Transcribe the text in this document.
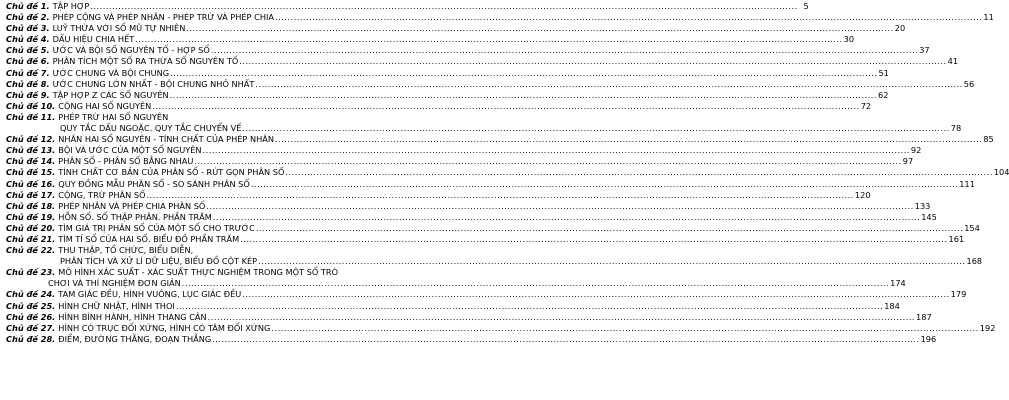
Chủ đề 1. TẬP HỢP .....	5
Chủ đề 2. PHÉP CỘNG VÀ PHÉP NHÂN - PHÉP TRỪ VÀ PHÉP CHIA .....	11
Chủ đề 3. LUỸ THỪA VỚI SỐ MŨ TỰ NHIÊN .....	20
Chủ đề 4. DẤU HIỆU CHIA HẾT .....	30
Chủ đề 5. ƯỚC VÀ BỘI SỐ NGUYÊN TỐ - HỢP SỐ .....	37
Chủ đề 6. PHÂN TÍCH MỘT SỐ RA THỪA SỐ NGUYÊN TỐ .....	41
Chủ đề 7. ƯỚC CHUNG VÀ BỘI CHUNG .....	51
Chủ đề 8. ƯỚC CHUNG LỚN NHẤT - BỘI CHUNG NHỎ NHẤT .....	56
Chủ đề 9. TẬP HỢP Z CÁC SỐ NGUYÊN .....	62
Chủ đề 10. CỘNG HAI SỐ NGUYÊN .....	72
Chủ đề 11. PHÉP TRỪ HAI SỐ NGUYÊN
QUY TẮC DẤU NGOẶC. QUY TẮC CHUYỂN VẾ .....	78
Chủ đề 12. NHÂN HAI SỐ NGUYÊN - TÍNH CHẤT CỦA PHÉP NHÂN .....	85
Chủ đề 13. BỘI VÀ ƯỚC CỦA MỘT SỐ NGUYÊN .....	92
Chủ đề 14. PHÂN SỐ - PHÂN SỐ BẰNG NHAU .....	97
Chủ đề 15. TÍNH CHẤT CƠ BẢN CỦA PHÂN SỐ - RÚT GỌN PHÂN SỐ .....	104
Chủ đề 16. QUY ĐỒNG MẪU PHÂN SỐ - SO SÁNH PHÂN SỐ .....	111
Chủ đề 17. CỘNG, TRỪ PHÂN SỐ .....	120
Chủ đề 18. PHÉP NHÂN VÀ PHÉP CHIA PHÂN SỐ .....	133
Chủ đề 19. HỖN SỐ. SỐ THẬP PHÂN. PHẦN TRĂM .....	145
Chủ đề 20. TÌM GIÁ TRỊ PHÂN SỐ CỦA MỘT SỐ CHO TRƯỚC .....	154
Chủ đề 21. TÌM TỈ SỐ CỦA HAI SỐ. BIỂU ĐỒ PHẦN TRĂM .....	161
Chủ đề 22. THU THẬP, TỔ CHỨC, BIỂU DIỄN,
PHÂN TÍCH VÀ XỬ LÍ DỮ LIỆU, BIỂU ĐỒ CỘT KÉP .....	168
Chủ đề 23. MÔ HÌNH XÁC SUẤT - XÁC SUẤT THỰC NGHIỆM TRONG MỘT SỐ TRÒ
CHƠI VÀ THÍ NGHIỆM ĐƠN GIẢN .....	174
Chủ đề 24. TAM GIÁC ĐỀU, HÌNH VUÔNG, LỤC GIÁC ĐỀU .....	179
Chủ đề 25. HÌNH CHỮ NHẬT, HÌNH THOI .....	184
Chủ đề 26. HÌNH BÌNH HÀNH, HÌNH THANG CÂN .....	187
Chủ đề 27. HÌNH CÓ TRỤC ĐỐI XỨNG, HÌNH CÓ TÂM ĐỐI XỨNG .....	192
Chủ đề 28. ĐIỂM, ĐƯỜNG THẲNG, ĐOẠN THẲNG .....	196
